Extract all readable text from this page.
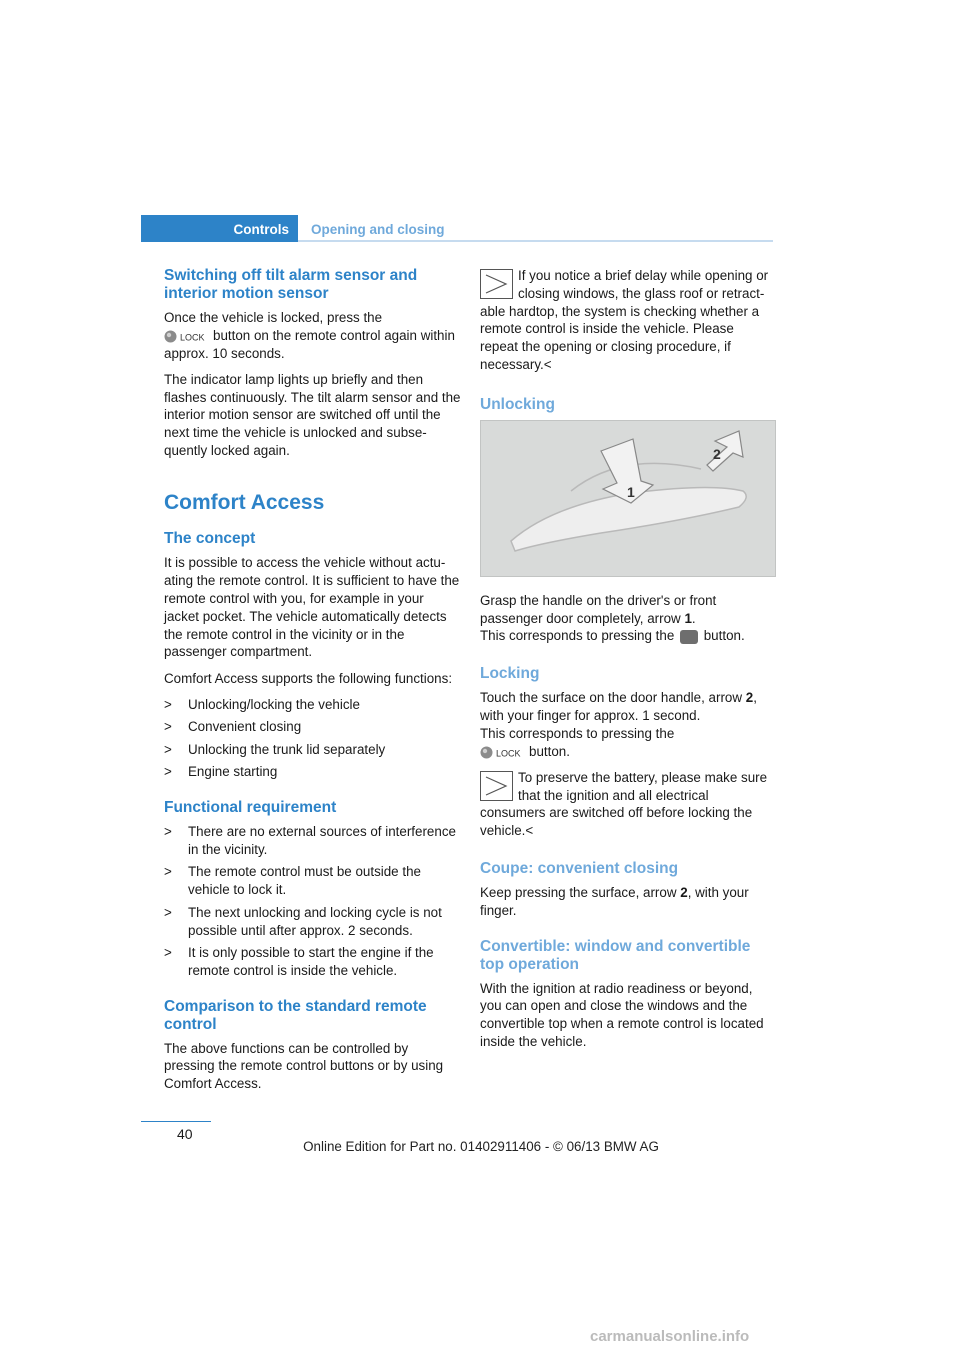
Controls Opening and closing
Switching off tilt alarm sensor and interior motion sensor

Once the vehicle is locked, press the

LOCK button on the remote control again within approx. 10 seconds.

The indicator lamp lights up briefly and then flashes continuously. The tilt alarm sensor and the interior motion sensor are switched off until the next time the vehicle is unlocked and subsequently locked again.

Comfort Access
The concept

It is possible to access the vehicle without actuating the remote control. It is sufficient to have the remote control with you, for example in your jacket pocket. The vehicle automatically detects the remote control in the vicinity or in the passenger compartment.

Comfort Access supports the following functions:

> Unlocking/locking the vehicle
> Convenient closing
> Unlocking the trunk lid separately
> Engine starting
Functional requirement
> There are no external sources of interference in the vicinity.
> The remote control must be outside the vehicle to lock it.
> The next unlocking and locking cycle is not possible until after approx. 2 seconds.
> It is only possible to start the engine if the remote control is inside the vehicle.
Comparison to the standard remote control

The above functions can be controlled by pressing the remote control buttons or by using Comfort Access.

If you notice a brief delay while opening or closing windows, the glass roof or retractable hardtop, the system is checking whether a remote control is inside the vehicle. Please repeat the opening or closing procedure, if necessary.<
Unlocking
1
2

Grasp the handle on the driver's or front passenger door completely, arrow 1.
This corresponds to pressing the button.

Locking

Touch the surface on the door handle, arrow 2, with your finger for approx. 1 second.
This corresponds to pressing the

LOCK button.

To preserve the battery, please make sure that the ignition and all electrical consumers are switched off before locking the vehicle.<
Coupe: convenient closing

Keep pressing the surface, arrow 2, with your finger.

Convertible: window and convertible top operation

With the ignition at radio readiness or beyond, you can open and close the windows and the convertible top when a remote control is located inside the vehicle.

40
Online Edition for Part no. 01402911406 - © 06/13 BMW AG
carmanualsonline.info
